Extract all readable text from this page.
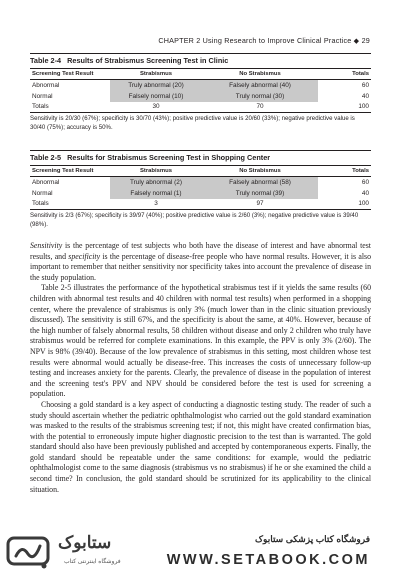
CHAPTER 2 Using Research to Improve Clinical Practice ◆ 29
Table 2-4 Results of Strabismus Screening Test in Clinic
Screening Test Result	Strabismus	No Strabismus	Totals
Abnormal	Truly abnormal (20)	Falsely abnormal (40)	60
Normal	Falsely normal (10)	Truly normal (30)	40
Totals	30	70	100
Sensitivity is 20/30 (67%); specificity is 30/70 (43%); positive predictive value is 20/60 (33%); negative predictive value is 30/40 (75%); accuracy is 50%.
Table 2-5 Results for Strabismus Screening Test in Shopping Center
Screening Test Result	Strabismus	No Strabismus	Totals
Abnormal	Truly abnormal (2)	Falsely abnormal (58)	60
Normal	Falsely normal (1)	Truly normal (39)	40
Totals	3	97	100
Sensitivity is 2/3 (67%); specificity is 39/97 (40%); positive predictive value is 2/60 (3%); negative predictive value is 39/40 (98%).

Sensitivity is the percentage of test subjects who both have the disease of interest and have abnormal test results, and specificity is the percentage of disease-free people who have normal results. However, it is also important to remember that neither sensitivity nor specificity takes into account the prevalence of disease in the study population.

Table 2-5 illustrates the performance of the hypothetical strabismus test if it yields the same results (60 children with abnormal test results and 40 children with normal test results) when performed in a shopping center, where the prevalence of strabismus is only 3% (much lower than in the clinic situation previously discussed). The sensitivity is still 67%, and the specificity is about the same, at 40%. However, because of the high number of falsely abnormal results, 58 children without disease and only 2 children who truly have strabismus would be referred for complete examinations. In this example, the PPV is only 3% (2/60). The NPV is 98% (39/40). Because of the low prevalence of strabismus in this setting, most children whose test results were abnormal would actually be disease-free. This increases the costs of unnecessary follow-up testing and increases anxiety for the parents. Clearly, the prevalence of disease in the population of interest and the screening test's PPV and NPV should be considered before the test is used for screening a population.

Choosing a gold standard is a key aspect of conducting a diagnostic testing study. The reader of such a study should ascertain whether the pediatric ophthalmologist who carried out the gold standard examination was masked to the results of the strabismus screening test; if not, this might have created confirmation bias, with the potential to erroneously impute higher diagnostic precision to the test than is warranted. The gold standard should also have been previously published and accepted by contemporaneous experts. Finally, the gold standard should be repeatable under the same conditions: for example, would the pediatric ophthalmologist come to the same diagnosis (strabismus vs no strabismus) if he or she examined the child a second time? In conclusion, the gold standard should be scrutinized for its applicability to the clinical situation.

ستابوک
فروشگاه اینترنتی کتاب
فروشگاه کتاب پزشکی ستابوک
WWW.SETABOOK.COM
